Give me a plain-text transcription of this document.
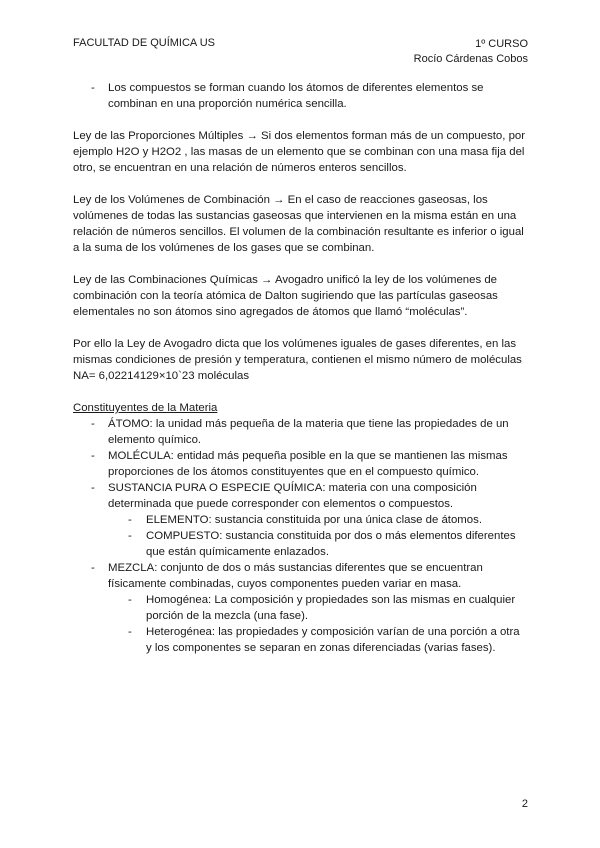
FACULTAD DE QUÍMICA US	1º CURSO
Rocío Cárdenas Cobos
- Los compuestos se forman cuando los átomos de diferentes elementos se combinan en una proporción numérica sencilla.

Ley de las Proporciones Múltiples → Si dos elementos forman más de un compuesto, por ejemplo H2O y H2O2 , las masas de un elemento que se combinan con una masa fija del otro, se encuentran en una relación de números enteros sencillos.

Ley de los Volúmenes de Combinación → En el caso de reacciones gaseosas, los volúmenes de todas las sustancias gaseosas que intervienen en la misma están en una relación de números sencillos. El volumen de la combinación resultante es inferior o igual a la suma de los volúmenes de los gases que se combinan.

Ley de las Combinaciones Químicas → Avogadro unificó la ley de los volúmenes de combinación con la teoría atómica de Dalton sugiriendo que las partículas gaseosas elementales no son átomos sino agregados de átomos que llamó “moléculas”.

Por ello la Ley de Avogadro dicta que los volúmenes iguales de gases diferentes, en las mismas condiciones de presión y temperatura, contienen el mismo número de moléculas NA= 6,02214129×10`23 moléculas

Constituyentes de la Materia

- ÁTOMO: la unidad más pequeña de la materia que tiene las propiedades de un elemento químico.
- MOLÉCULA: entidad más pequeña posible en la que se mantienen las mismas proporciones de los átomos constituyentes que en el compuesto químico.
- SUSTANCIA PURA O ESPECIE QUÍMICA: materia con una composición determinada que puede corresponder con elementos o compuestos.
- ELEMENTO: sustancia constituida por una única clase de átomos.
- COMPUESTO: sustancia constituida por dos o más elementos diferentes que están químicamente enlazados.
- MEZCLA: conjunto de dos o más sustancias diferentes que se encuentran físicamente combinadas, cuyos componentes pueden variar en masa.
- Homogénea: La composición y propiedades son las mismas en cualquier porción de la mezcla (una fase).
- Heterogénea: las propiedades y composición varían de una porción a otra y los componentes se separan en zonas diferenciadas (varias fases).
2
